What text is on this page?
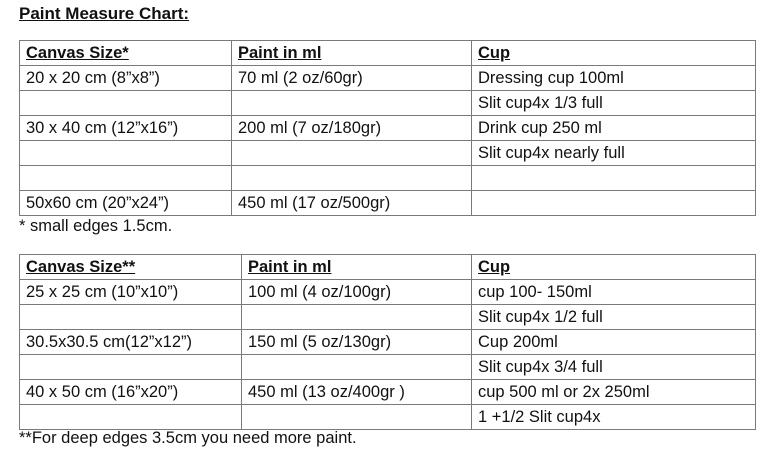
Paint Measure Chart:
Canvas Size*	Paint in ml	Cup
20 x 20 cm (8”x8”)	70 ml (2 oz/60gr)	Dressing cup 100ml
		Slit cup4x 1/3 full
30 x 40 cm (12”x16”)	200 ml (7 oz/180gr)	Drink cup 250 ml
		Slit cup4x nearly full

50x60 cm (20”x24”)	450 ml (17 oz/500gr)	
* small edges 1.5cm.
Canvas Size**	Paint in ml	Cup
25 x 25 cm (10”x10”)	100 ml (4 oz/100gr)	cup 100- 150ml
		Slit cup4x 1/2 full
30.5x30.5 cm(12”x12”)	150 ml (5 oz/130gr)	Cup 200ml
		Slit cup4x 3/4 full
40 x 50 cm (16”x20”)	450 ml (13 oz/400gr )	cup 500 ml or 2x 250ml
		1 +1/2 Slit cup4x
**For deep edges 3.5cm you need more paint.
